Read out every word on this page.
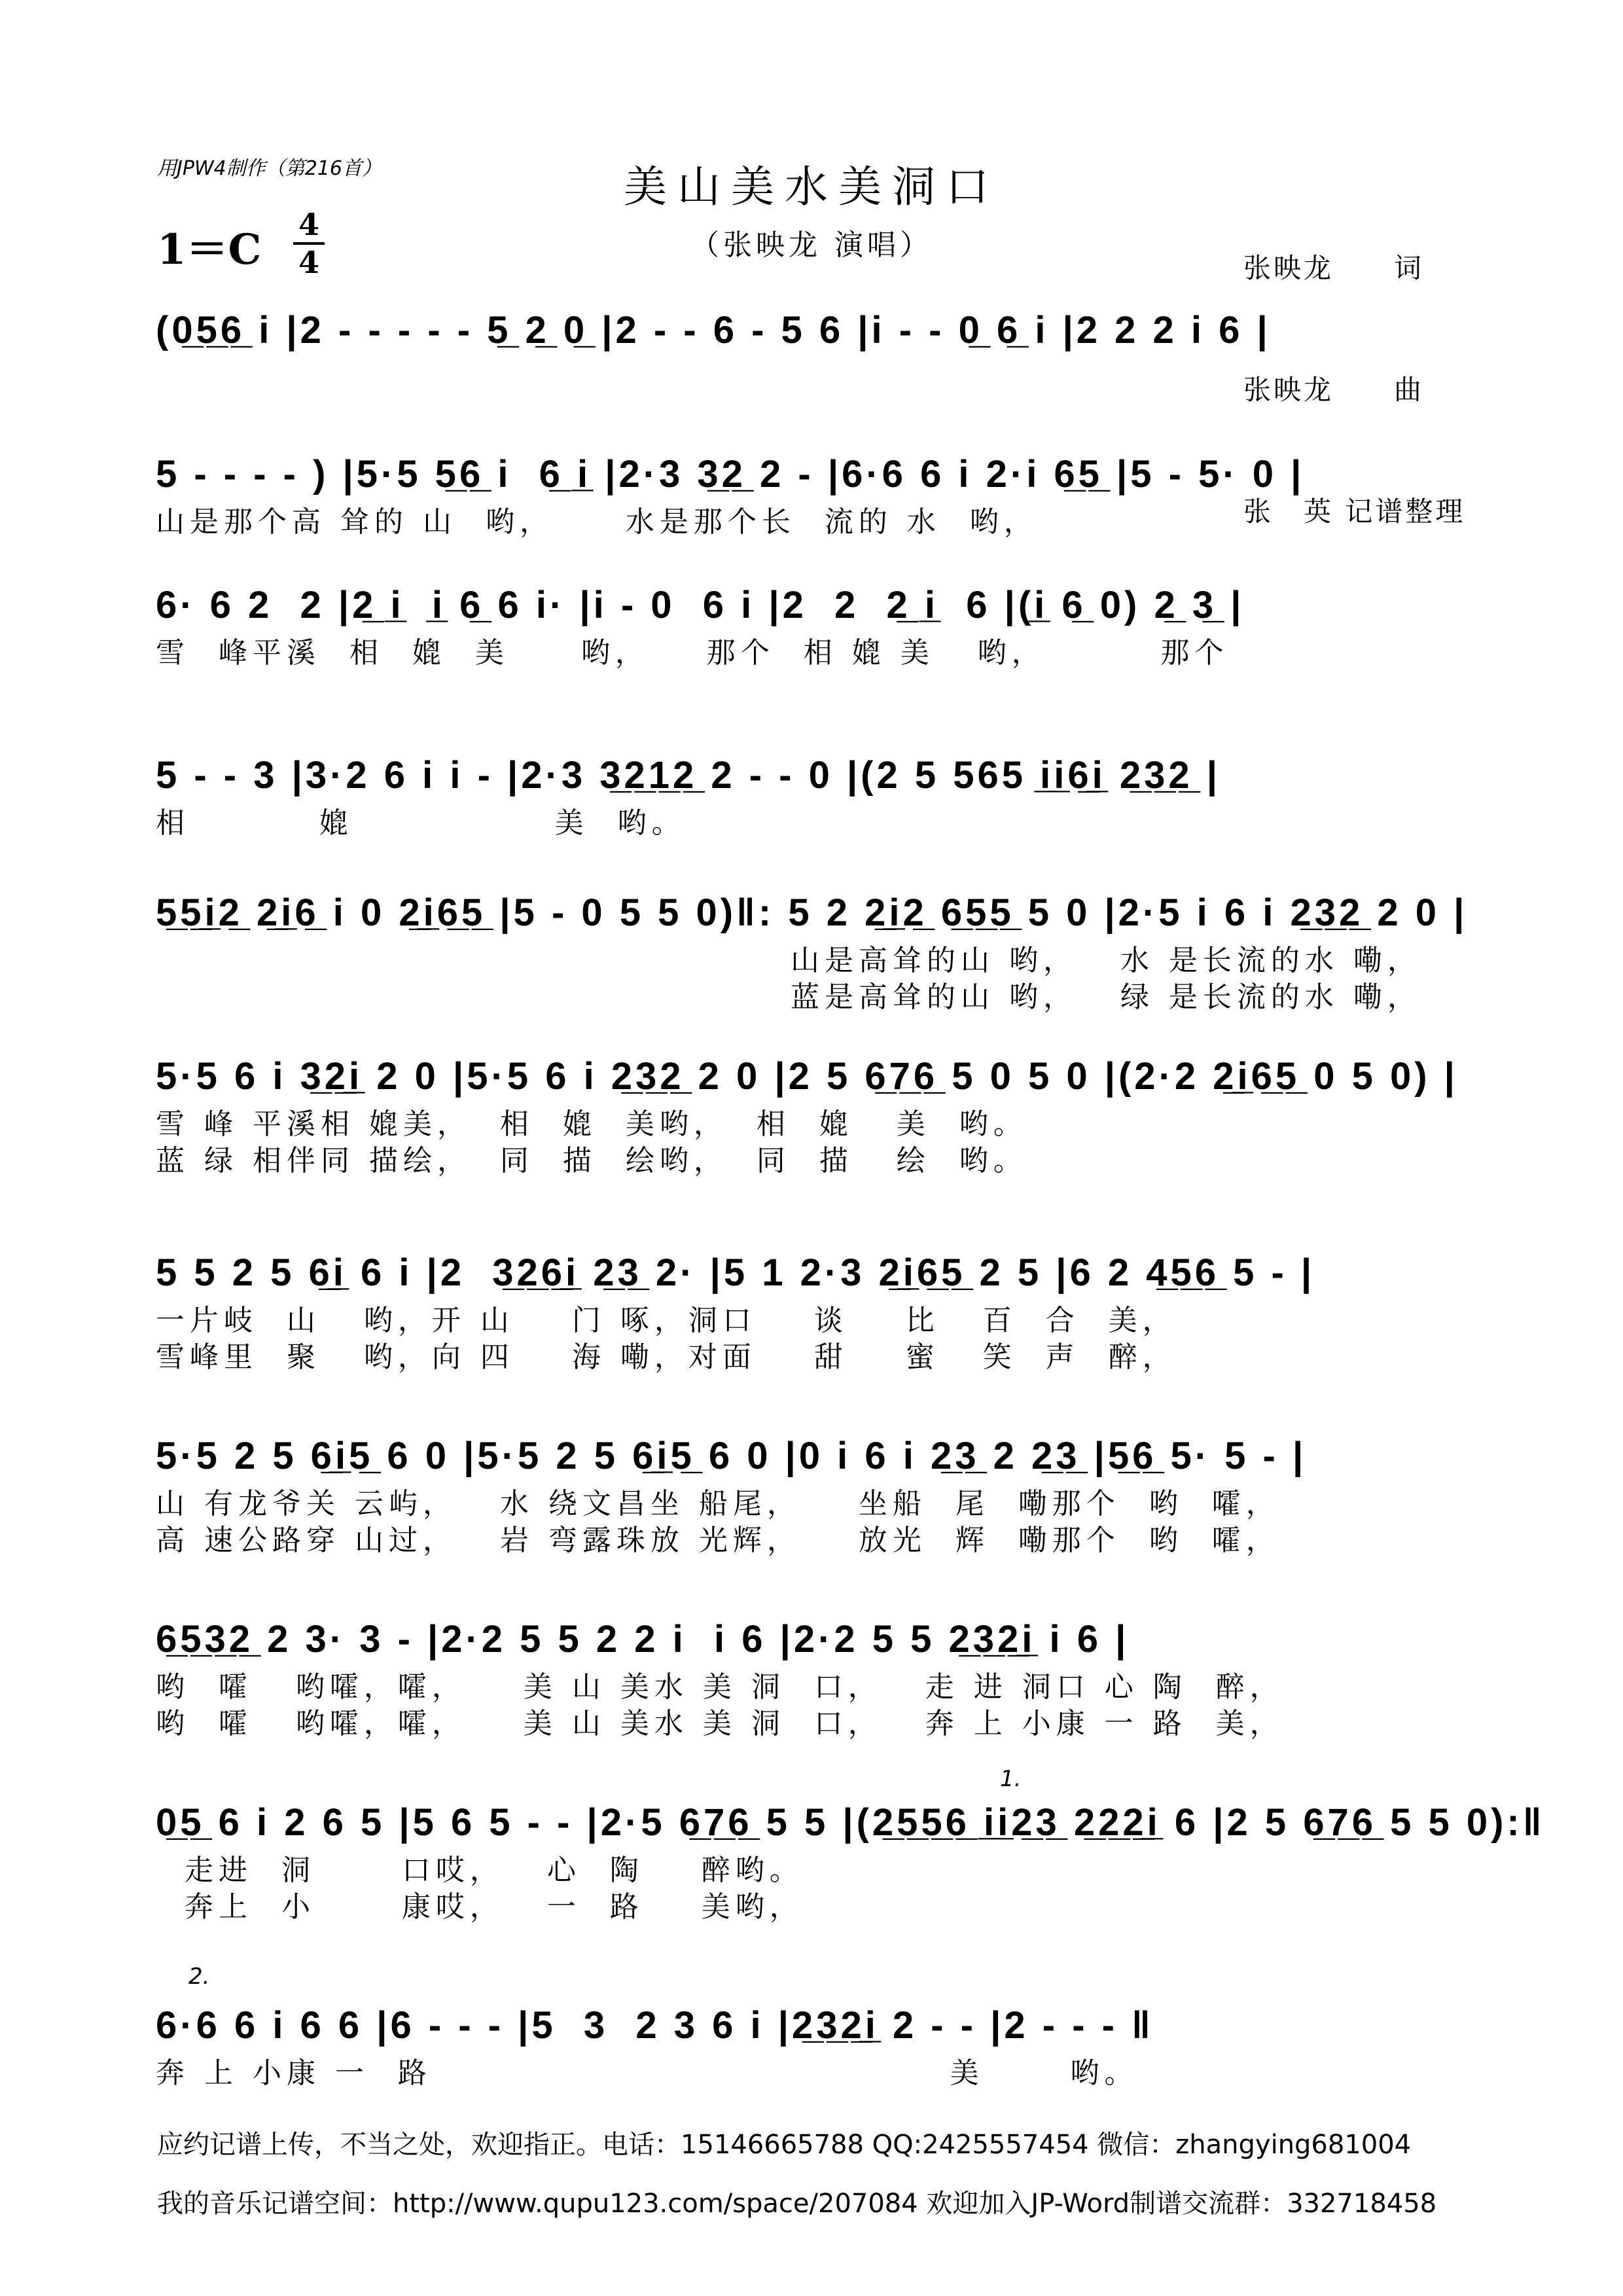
用JPW4制作（第216首）	美山美水美洞口
（张映龙 演唱）

张映龙　　词

张映龙　　曲

张　英 记谱整理

1＝C
4
4
(0̲5̲6̲ i |2 - - - - - 5̲ 2̲ 0̲ |2 - - 6 - 5 6 |i - - 0̲ 6̲ i |2 2 2 i 6 |
5 - - - - ) |5·5 5̲6̲ i  6̲ i̲ |2·3 3̲2̲ 2 - |6·6 6 i 2·i 6̲5̲ |5 - 5· 0 |
山是那个高 耸的 山  哟，     水是那个长  流的 水  哟，
6· 6 2  2 |2̲ i̲  i̲ 6̲ 6 i· |i - 0  6 i |2  2  2̲ i̲  6 |(i̲ 6̲ 0) 2̲ 3̲ |
雪  峰平溪  相  媲  美     哟，    那个  相 媲 美   哟，        那个
5 - - 3 |3·2 6 i i - |2·3 3̲2̲1̲2̲ 2 - - 0 |(2 5 565 i̲i̲6̲i̲ 2̲3̲2̲ |
相         媲              美  哟。
5̲5̲i̲2̲ 2̲i̲6̲ i 0 2̲i̲6̲5̲ |5 - 0 5 5 0)‖: 5 2 2̲i̲2̲ 6̲5̲5̲ 5 0 |2·5 i 6 i 2̲3̲2̲ 2 0 |
山是高耸的山 哟，   水 是长流的水 嘞，
蓝是高耸的山 哟，   绿 是长流的水 嘞，
5·5 6 i 3̲2̲i̲ 2 0 |5·5 6 i 2̲3̲2̲ 2 0 |2 5 6̲7̲6̲ 5 0 5 0 |(2·2 2̲i̲6̲5̲ 0 5 0) |
雪 峰 平溪相 媲美，  相  媲  美哟，  相  媲   美  哟。
蓝 绿 相伴同 描绘，  同  描  绘哟，  同  描   绘  哟。
5 5 2 5 6̲i̲ 6 i |2  3̲2̲6̲i̲ 2̲3̲ 2· |5 1 2·3 2̲i̲6̲5̲ 2 5 |6 2 4̲5̲6̲ 5 - |
一片岐  山   哟，开 山    门 啄，洞口    谈    比   百  合  美，
雪峰里  聚   哟，向 四    海 嘞，对面    甜    蜜   笑  声  醉，
5·5 2 5 6̲i̲5̲ 6 0 |5·5 2 5 6̲i̲5̲ 6 0 |0 i 6 i 2̲3̲ 2 2̲3̲ |5̲6̲ 5· 5 - |
山 有龙爷关 云屿，   水 绕文昌坐 船尾，    坐船  尾  嘞那个  哟  嚯，
高 速公路穿 山过，   岩 弯露珠放 光辉，    放光  辉  嘞那个  哟  嚯，
6̲5̲3̲2̲ 2 3· 3 - |2·2 5 5 2 2 i  i 6 |2·2 5 5 2̲3̲2̲i̲ i 6 |
哟  嚯   哟嚯，嚯，    美 山 美水 美 洞  口，   走 进 洞口 心 陶  醉，
哟  嚯   哟嚯，嚯，    美 山 美水 美 洞  口，   奔 上 小康 一 路  美，
1.
0̲5̲ 6 i 2 6 5 |5 6 5 - - |2·5 6̲7̲6̲ 5 5 |(2̲5̲5̲6̲ i̲i̲2̲3̲ 2̲2̲2̲i̲ 6 |2 5 6̲7̲6̲ 5 5 0):‖
走进  洞      口哎，   心  陶    醉哟。
奔上  小      康哎，   一  路    美哟，
2.
6·6 6 i 6 6 |6 - - - |5  3  2 3 6 i |2̲3̲2̲i̲ 2 - - |2 - - - ‖
奔 上 小康 一  路                                    美      哟。
应约记谱上传，不当之处，欢迎指正。电话：15146665788 QQ:2425557454 微信：zhangying681004
我的音乐记谱空间：http://www.qupu123.com/space/207084 欢迎加入JP-Word制谱交流群：332718458
